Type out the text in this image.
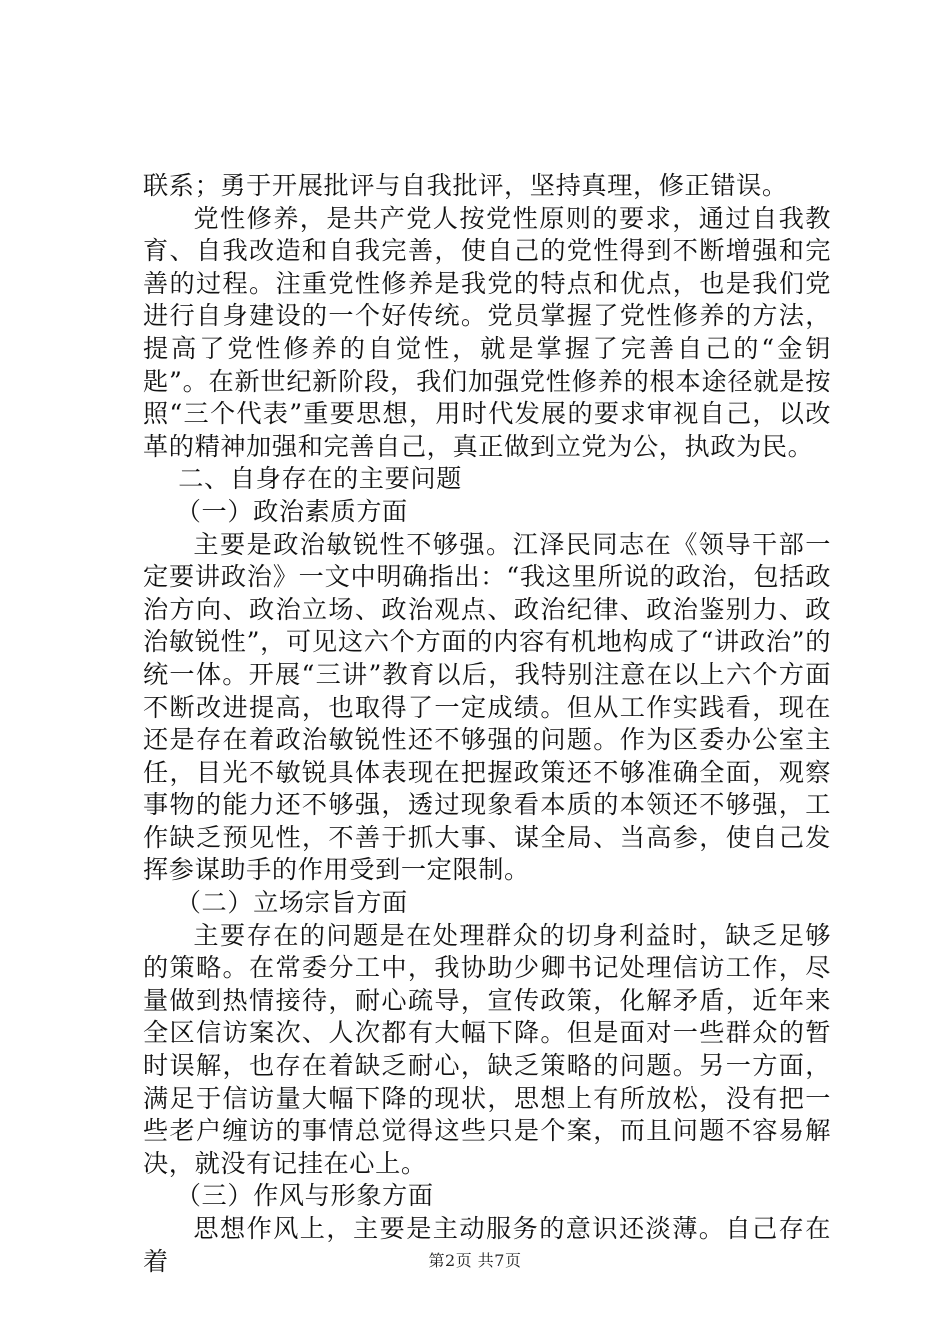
联系；勇于开展批评与自我批评，坚持真理，修正错误。

党性修养，是共产党人按党性原则的要求，通过自我教育、自我改造和自我完善，使自己的党性得到不断增强和完善的过程。注重党性修养是我党的特点和优点，也是我们党进行自身建设的一个好传统。党员掌握了党性修养的方法，提高了党性修养的自觉性，就是掌握了完善自己的“金钥匙”。在新世纪新阶段，我们加强党性修养的根本途径就是按照“三个代表”重要思想，用时代发展的要求审视自己，以改革的精神加强和完善自己，真正做到立党为公，执政为民。

二、自身存在的主要问题

（一）政治素质方面

主要是政治敏锐性不够强。江泽民同志在《领导干部一定要讲政治》一文中明确指出：“我这里所说的政治，包括政治方向、政治立场、政治观点、政治纪律、政治鉴别力、政治敏锐性”，可见这六个方面的内容有机地构成了“讲政治”的统一体。开展“三讲”教育以后，我特别注意在以上六个方面不断改进提高，也取得了一定成绩。但从工作实践看，现在还是存在着政治敏锐性还不够强的问题。作为区委办公室主任，目光不敏锐具体表现在把握政策还不够准确全面，观察事物的能力还不够强，透过现象看本质的本领还不够强，工作缺乏预见性，不善于抓大事、谋全局、当高参，使自己发挥参谋助手的作用受到一定限制。

（二）立场宗旨方面

主要存在的问题是在处理群众的切身利益时，缺乏足够的策略。在常委分工中，我协助少卿书记处理信访工作，尽量做到热情接待，耐心疏导，宣传政策，化解矛盾，近年来全区信访案次、人次都有大幅下降。但是面对一些群众的暂时误解，也存在着缺乏耐心，缺乏策略的问题。另一方面，满足于信访量大幅下降的现状，思想上有所放松，没有把一些老户缠访的事情总觉得这些只是个案，而且问题不容易解决，就没有记挂在心上。

（三）作风与形象方面

思想作风上，主要是主动服务的意识还淡薄。自己存在着	第2页 共7页
